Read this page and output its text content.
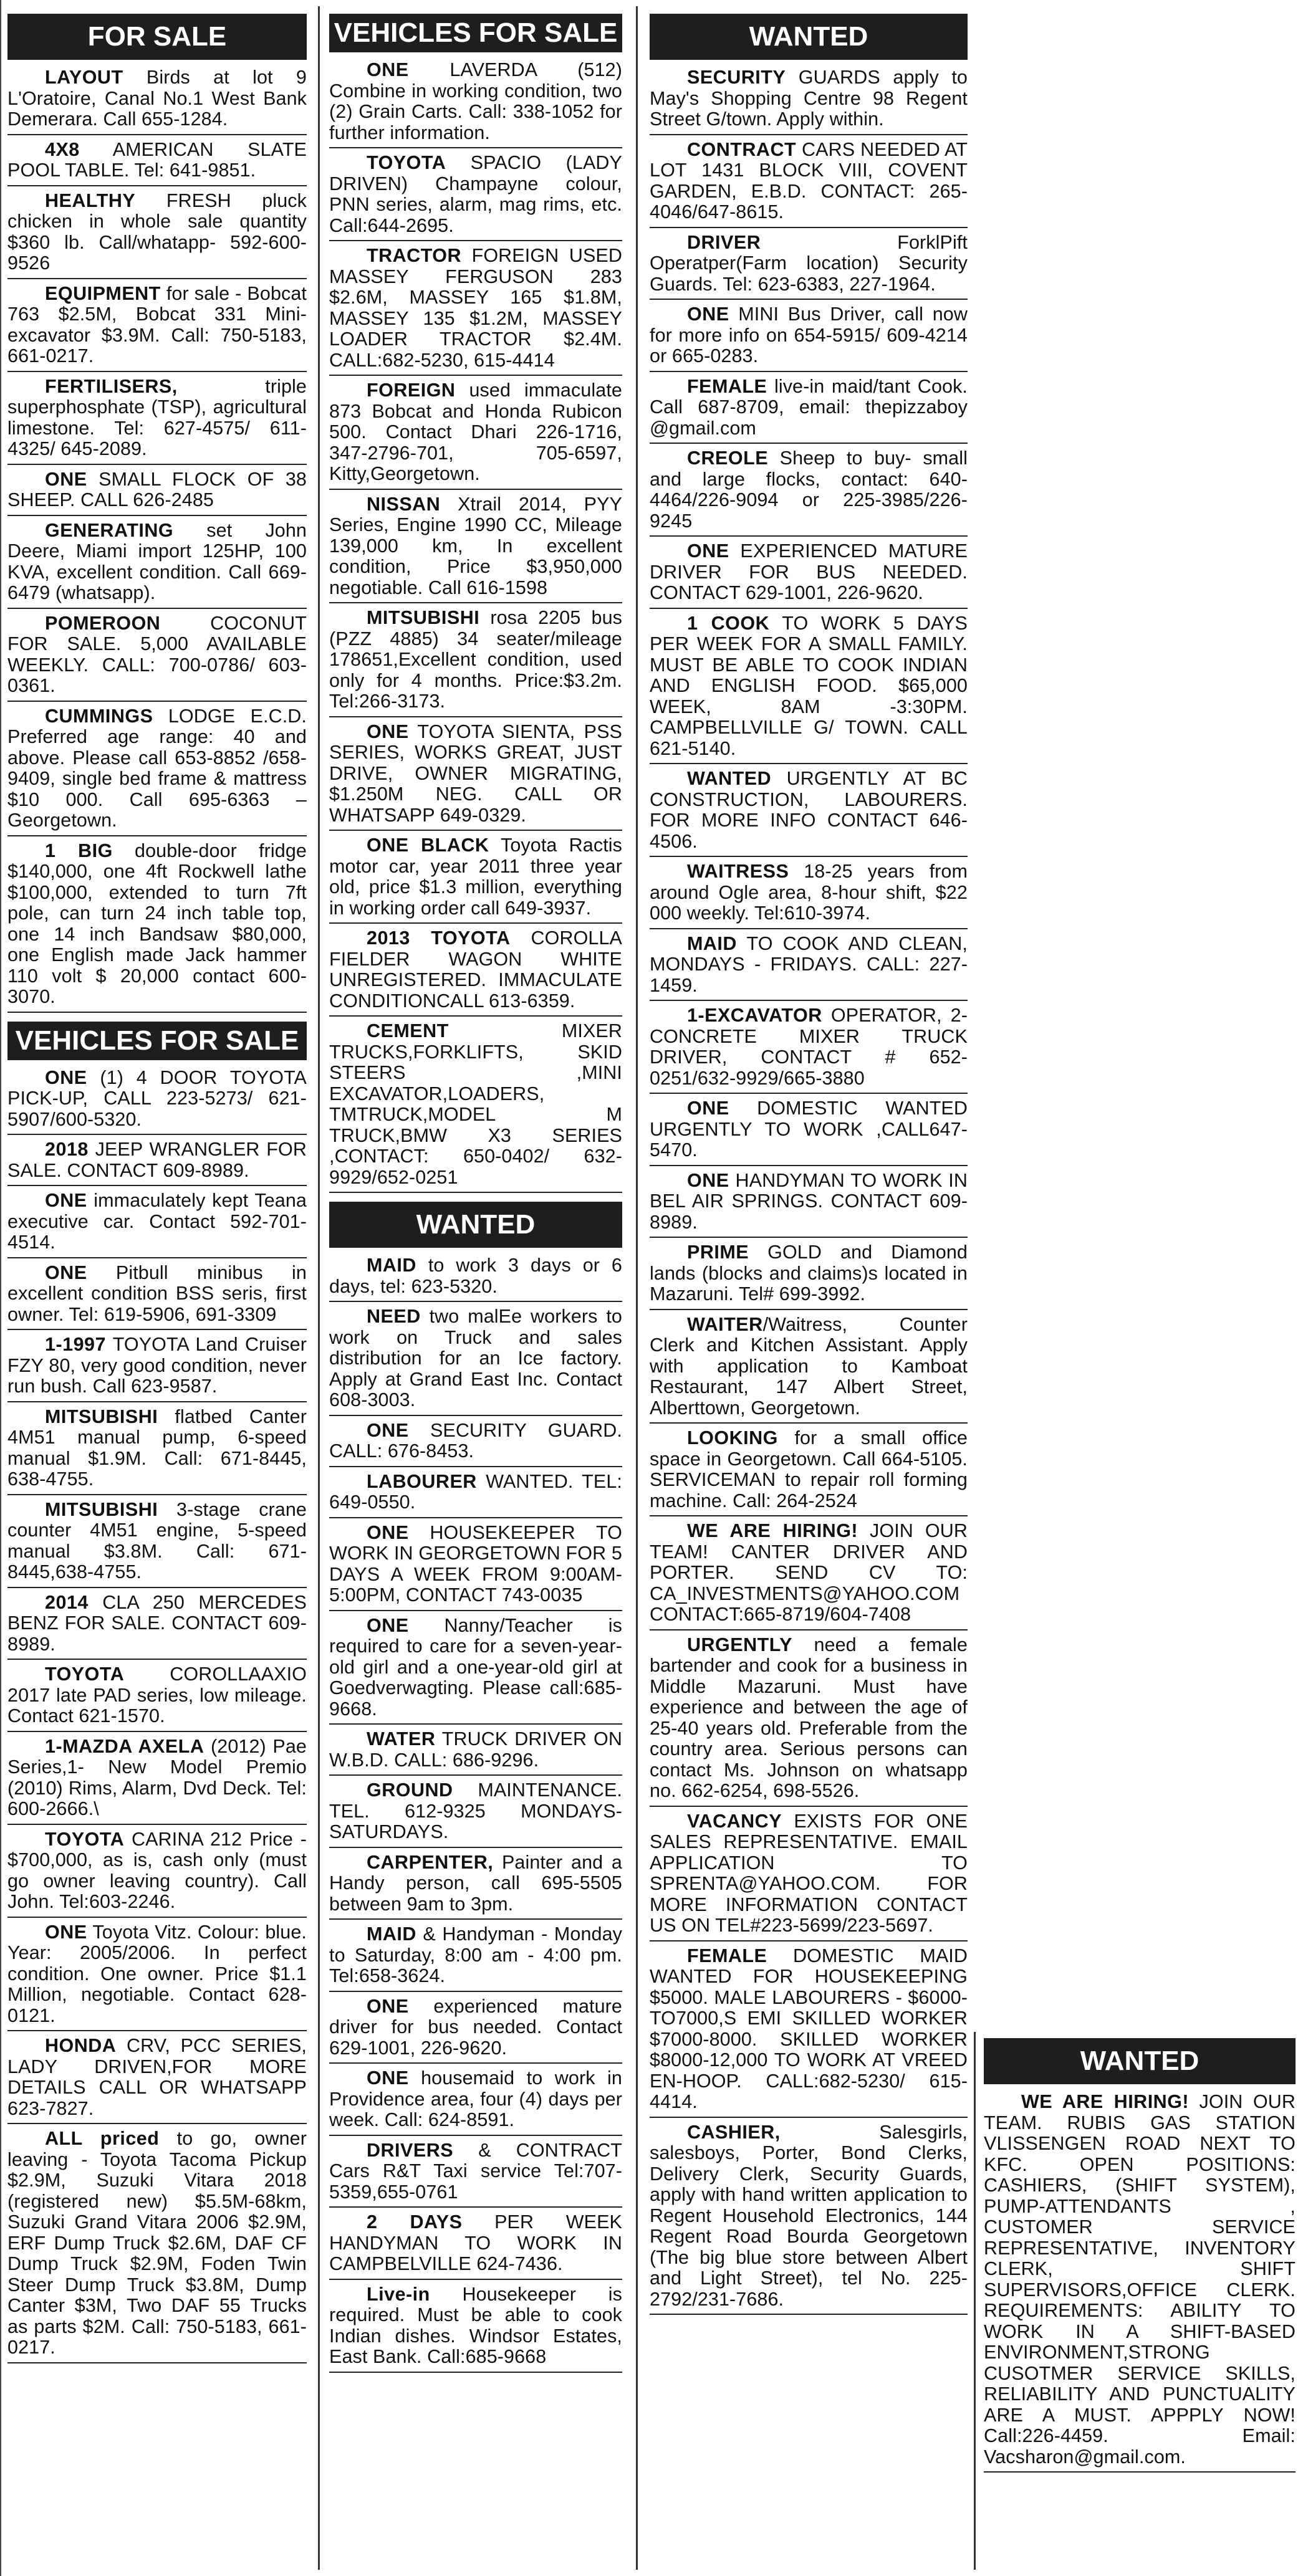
FOR SALE
LAYOUT Birds at lot 9 L'Oratoire, Canal No.1 West Bank Demerara. Call 655-1284.
4X8 AMERICAN SLATE POOL TABLE. Tel: 641-9851.
HEALTHY FRESH pluck chicken in whole sale quantity $360 lb. Call/whatapp- 592-600-9526
EQUIPMENT for sale - Bobcat 763 $2.5M, Bobcat 331 Mini-excavator $3.9M. Call: 750-5183, 661-0217.
FERTILISERS, triple superphosphate (TSP), agricultural limestone. Tel: 627-4575/ 611-4325/ 645-2089.
ONE SMALL FLOCK OF 38 SHEEP. CALL 626-2485
GENERATING set John Deere, Miami import 125HP, 100 KVA, excellent condition. Call 669-6479 (whatsapp).
POMEROON COCONUT FOR SALE. 5,000 AVAILABLE WEEKLY. CALL: 700-0786/ 603-0361.
CUMMINGS LODGE E.C.D. Preferred age range: 40 and above. Please call 653-8852 /658-9409, single bed frame & mattress $10 000. Call 695-6363 – Georgetown.
1 BIG double-door fridge $140,000, one 4ft Rockwell lathe $100,000, extended to turn 7ft pole, can turn 24 inch table top, one 14 inch Bandsaw $80,000, one English made Jack hammer 110 volt $ 20,000 contact 600-3070.
VEHICLES FOR SALE
ONE (1) 4 DOOR TOYOTA PICK-UP, CALL 223-5273/ 621-5907/600-5320.
2018 JEEP WRANGLER FOR SALE. CONTACT 609-8989.
ONE immaculately kept Teana executive car. Contact 592-701-4514.
ONE Pitbull minibus in excellent condition BSS seris, first owner. Tel: 619-5906, 691-3309
1-1997 TOYOTA Land Cruiser FZY 80, very good condition, never run bush. Call 623-9587.
MITSUBISHI flatbed Canter 4M51 manual pump, 6-speed manual $1.9M. Call: 671-8445, 638-4755.
MITSUBISHI 3-stage crane counter 4M51 engine, 5-speed manual $3.8M. Call: 671-8445,638-4755.
2014 CLA 250 MERCEDES BENZ FOR SALE. CONTACT 609-8989.
TOYOTA COROLLAAXIO 2017 late PAD series, low mileage. Contact 621-1570.
1-MAZDA AXELA (2012) Pae Series,1- New Model Premio (2010) Rims, Alarm, Dvd Deck. Tel: 600-2666.\
TOYOTA CARINA 212 Price - $700,000, as is, cash only (must go owner leaving country). Call John. Tel:603-2246.
ONE Toyota Vitz. Colour: blue. Year: 2005/2006. In perfect condition. One owner. Price $1.1 Million, negotiable. Contact 628-0121.
HONDA CRV, PCC SERIES, LADY DRIVEN,FOR MORE DETAILS CALL OR WHATSAPP 623-7827.
ALL priced to go, owner leaving - Toyota Tacoma Pickup $2.9M, Suzuki Vitara 2018 (registered new) $5.5M-68km, Suzuki Grand Vitara 2006 $2.9M, ERF Dump Truck $2.6M, DAF CF Dump Truck $2.9M, Foden Twin Steer Dump Truck $3.8M, Dump Canter $3M, Two DAF 55 Trucks as parts $2M. Call: 750-5183, 661-0217.
VEHICLES FOR SALE
ONE LAVERDA (512) Combine in working condition, two (2) Grain Carts. Call: 338-1052 for further information.
TOYOTA SPACIO (LADY DRIVEN) Champayne colour, PNN series, alarm, mag rims, etc. Call:644-2695.
TRACTOR FOREIGN USED MASSEY FERGUSON 283 $2.6M, MASSEY 165 $1.8M, MASSEY 135 $1.2M, MASSEY LOADER TRACTOR $2.4M. CALL:682-5230, 615-4414
FOREIGN used immaculate 873 Bobcat and Honda Rubicon 500. Contact Dhari 226-1716, 347-2796-701, 705-6597, Kitty,Georgetown.
NISSAN Xtrail 2014, PYY Series, Engine 1990 CC, Mileage 139,000 km, In excellent condition, Price $3,950,000 negotiable. Call 616-1598
MITSUBISHI rosa 2205 bus (PZZ 4885) 34 seater/mileage 178651,Excellent condition, used only for 4 months. Price:$3.2m. Tel:266-3173.
ONE TOYOTA SIENTA, PSS SERIES, WORKS GREAT, JUST DRIVE, OWNER MIGRATING, $1.250M NEG. CALL OR WHATSAPP 649-0329.
ONE BLACK Toyota Ractis motor car, year 2011 three year old, price $1.3 million, everything in working order call 649-3937.
2013 TOYOTA COROLLA FIELDER WAGON WHITE UNREGISTERED. IMMACULATE CONDITIONCALL 613-6359.
CEMENT MIXER TRUCKS,FORKLIFTS, SKID STEERS ,MINI EXCAVATOR,LOADERS, TMTRUCK,MODEL M TRUCK,BMW X3 SERIES ,CONTACT: 650-0402/ 632-9929/652-0251
WANTED
MAID to work 3 days or 6 days, tel: 623-5320.
NEED two malEe workers to work on Truck and sales distribution for an Ice factory. Apply at Grand East Inc. Contact 608-3003.
ONE SECURITY GUARD. CALL: 676-8453.
LABOURER WANTED. TEL: 649-0550.
ONE HOUSEKEEPER TO WORK IN GEORGETOWN FOR 5 DAYS A WEEK FROM 9:00AM-5:00PM, CONTACT 743-0035
ONE Nanny/Teacher is required to care for a seven-year-old girl and a one-year-old girl at Goedverwagting. Please call:685-9668.
WATER TRUCK DRIVER ON W.B.D. CALL: 686-9296.
GROUND MAINTENANCE. TEL. 612-9325 MONDAYS-SATURDAYS.
CARPENTER, Painter and a Handy person, call 695-5505 between 9am to 3pm.
MAID & Handyman - Monday to Saturday, 8:00 am - 4:00 pm. Tel:658-3624.
ONE experienced mature driver for bus needed. Contact 629-1001, 226-9620.
ONE housemaid to work in Providence area, four (4) days per week. Call: 624-8591.
DRIVERS & CONTRACT Cars R&T Taxi service Tel:707-5359,655-0761
2 DAYS PER WEEK HANDYMAN TO WORK IN CAMPBELVILLE 624-7436.
Live-in Housekeeper is required. Must be able to cook Indian dishes. Windsor Estates, East Bank. Call:685-9668
WANTED
SECURITY GUARDS apply to May's Shopping Centre 98 Regent Street G/town. Apply within.
CONTRACT CARS NEEDED AT LOT 1431 BLOCK VIII, COVENT GARDEN, E.B.D. CONTACT: 265-4046/647-8615.
DRIVER ForklPift Operatper(Farm location) Security Guards. Tel: 623-6383, 227-1964.
ONE MINI Bus Driver, call now for more info on 654-5915/ 609-4214 or 665-0283.
FEMALE live-in maid/tant Cook. Call 687-8709, email: thepizzaboy @gmail.com
CREOLE Sheep to buy- small and large flocks, contact: 640-4464/226-9094 or 225-3985/226-9245
ONE EXPERIENCED MATURE DRIVER FOR BUS NEEDED. CONTACT 629-1001, 226-9620.
1 COOK TO WORK 5 DAYS PER WEEK FOR A SMALL FAMILY. MUST BE ABLE TO COOK INDIAN AND ENGLISH FOOD. $65,000 WEEK, 8AM -3:30PM. CAMPBELLVILLE G/ TOWN. CALL 621-5140.
WANTED URGENTLY AT BC CONSTRUCTION, LABOURERS. FOR MORE INFO CONTACT 646-4506.
WAITRESS 18-25 years from around Ogle area, 8-hour shift, $22 000 weekly. Tel:610-3974.
MAID TO COOK AND CLEAN, MONDAYS - FRIDAYS. CALL: 227-1459.
1-EXCAVATOR OPERATOR, 2- CONCRETE MIXER TRUCK DRIVER, CONTACT # 652-0251/632-9929/665-3880
ONE DOMESTIC WANTED URGENTLY TO WORK ,CALL647-5470.
ONE HANDYMAN TO WORK IN BEL AIR SPRINGS. CONTACT 609-8989.
PRIME GOLD and Diamond lands (blocks and claims)s located in Mazaruni. Tel# 699-3992.
WAITER/Waitress, Counter Clerk and Kitchen Assistant. Apply with application to Kamboat Restaurant, 147 Albert Street, Alberttown, Georgetown.
LOOKING for a small office space in Georgetown. Call 664-5105. SERVICEMAN to repair roll forming machine. Call: 264-2524
WE ARE HIRING! JOIN OUR TEAM! CANTER DRIVER AND PORTER. SEND CV TO: CA_INVESTMENTS@YAHOO.COM CONTACT:665-8719/604-7408
URGENTLY need a female bartender and cook for a business in Middle Mazaruni. Must have experience and between the age of 25-40 years old. Preferable from the country area. Serious persons can contact Ms. Johnson on whatsapp no. 662-6254, 698-5526.
VACANCY EXISTS FOR ONE SALES REPRESENTATIVE. EMAIL APPLICATION TO SPRENTA@YAHOO.COM. FOR MORE INFORMATION CONTACT US ON TEL#223-5699/223-5697.
FEMALE DOMESTIC MAID WANTED FOR HOUSEKEEPING $5000. MALE LABOURERS - $6000-TO7000,S EMI SKILLED WORKER $7000-8000. SKILLED WORKER $8000-12,000 TO WORK AT VREED EN-HOOP. CALL:682-5230/ 615-4414.
CASHIER, Salesgirls, salesboys, Porter, Bond Clerks, Delivery Clerk, Security Guards, apply with hand written application to Regent Household Electronics, 144 Regent Road Bourda Georgetown (The big blue store between Albert and Light Street), tel No. 225-2792/231-7686.
WANTED
WE ARE HIRING! JOIN OUR TEAM. RUBIS GAS STATION VLISSENGEN ROAD NEXT TO KFC. OPEN POSITIONS: CASHIERS, (SHIFT SYSTEM), PUMP-ATTENDANTS , CUSTOMER SERVICE REPRESENTATIVE, INVENTORY CLERK, SHIFT SUPERVISORS,OFFICE CLERK. REQUIREMENTS: ABILITY TO WORK IN A SHIFT-BASED ENVIRONMENT,STRONG CUSOTMER SERVICE SKILLS, RELIABILITY AND PUNCTUALITY ARE A MUST. APPPLY NOW! Call:226-4459. Email: Vacsharon@gmail.com.
